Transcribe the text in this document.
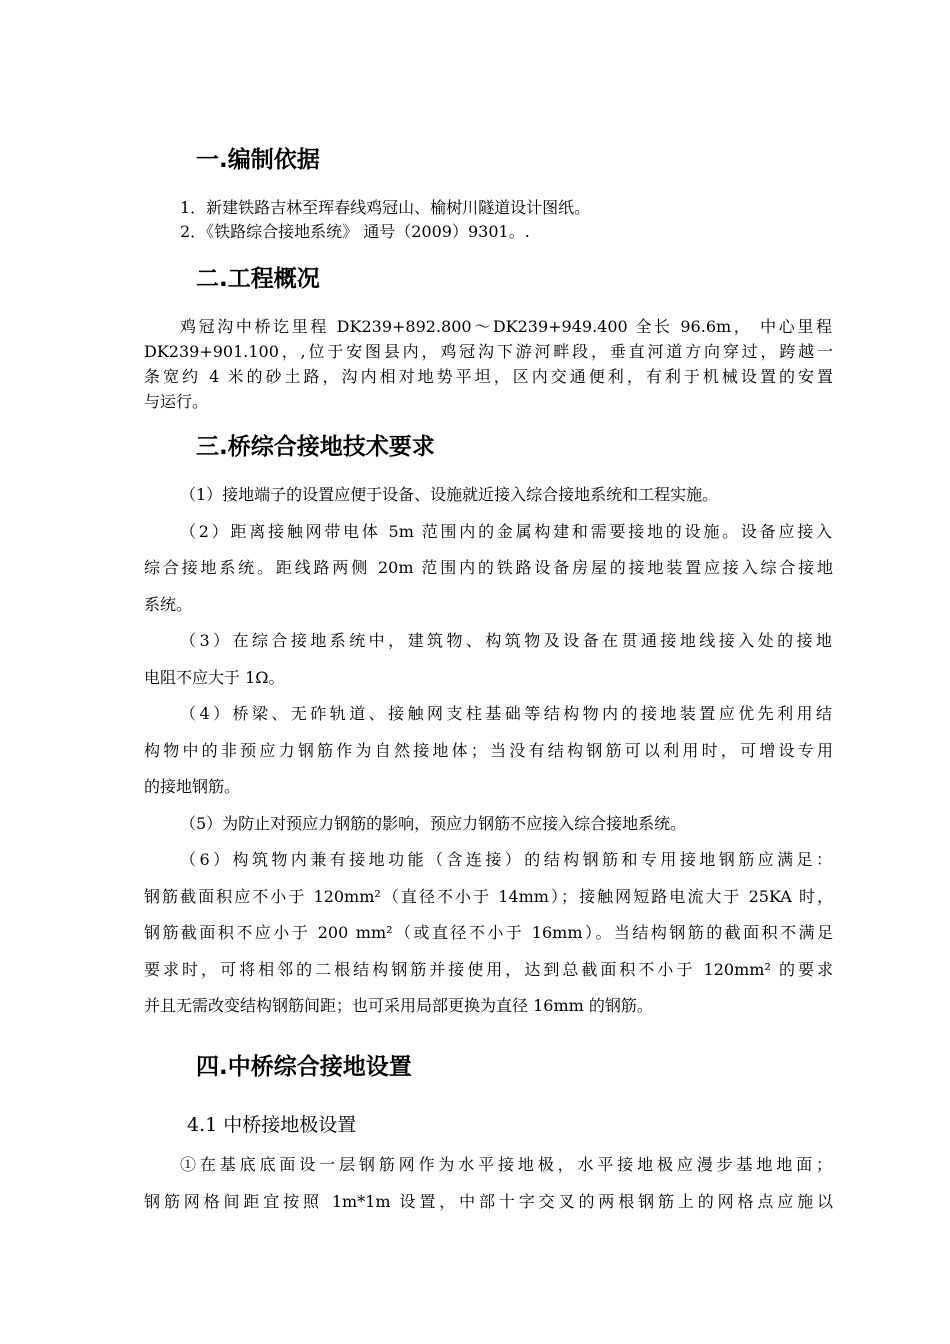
一.编制依据

1．新建铁路吉林至珲春线鸡冠山、榆树川隧道设计图纸。

2．《铁路综合接地系统》 通号（2009）9301。.

二.工程概况

鸡冠沟中桥讫里程 DK239+892.800～DK239+949.400 全长 96.6m， 中心里程

DK239+901.100，,位于安图县内，鸡冠沟下游河畔段，垂直河道方向穿过，跨越一

条宽约 4 米的砂土路，沟内相对地势平坦，区内交通便利，有利于机械设置的安置

与运行。

三.桥综合接地技术要求

（1）接地端子的设置应便于设备、设施就近接入综合接地系统和工程实施。

（2）距离接触网带电体 5m 范围内的金属构建和需要接地的设施。设备应接入

综合接地系统。距线路两侧 20m 范围内的铁路设备房屋的接地装置应接入综合接地

系统。

（3）在综合接地系统中，建筑物、构筑物及设备在贯通接地线接入处的接地

电阻不应大于 1Ω。

（4）桥梁、无砟轨道、接触网支柱基础等结构物内的接地装置应优先利用结

构物中的非预应力钢筋作为自然接地体；当没有结构钢筋可以利用时，可增设专用

的接地钢筋。

（5）为防止对预应力钢筋的影响，预应力钢筋不应接入综合接地系统。

（6）构筑物内兼有接地功能（含连接）的结构钢筋和专用接地钢筋应满足：

钢筋截面积应不小于 120mm²（直径不小于 14mm）；接触网短路电流大于 25KA 时，

钢筋截面积不应小于 200 mm²（或直径不小于 16mm）。当结构钢筋的截面积不满足

要求时，可将相邻的二根结构钢筋并接使用，达到总截面积不小于 120mm² 的要求

并且无需改变结构钢筋间距；也可采用局部更换为直径 16mm 的钢筋。

四.中桥综合接地设置

4.1 中桥接地极设置

①在基底底面设一层钢筋网作为水平接地极，水平接地极应漫步基地地面；

钢筋网格间距宜按照 1m*1m 设置，中部十字交叉的两根钢筋上的网格点应施以
